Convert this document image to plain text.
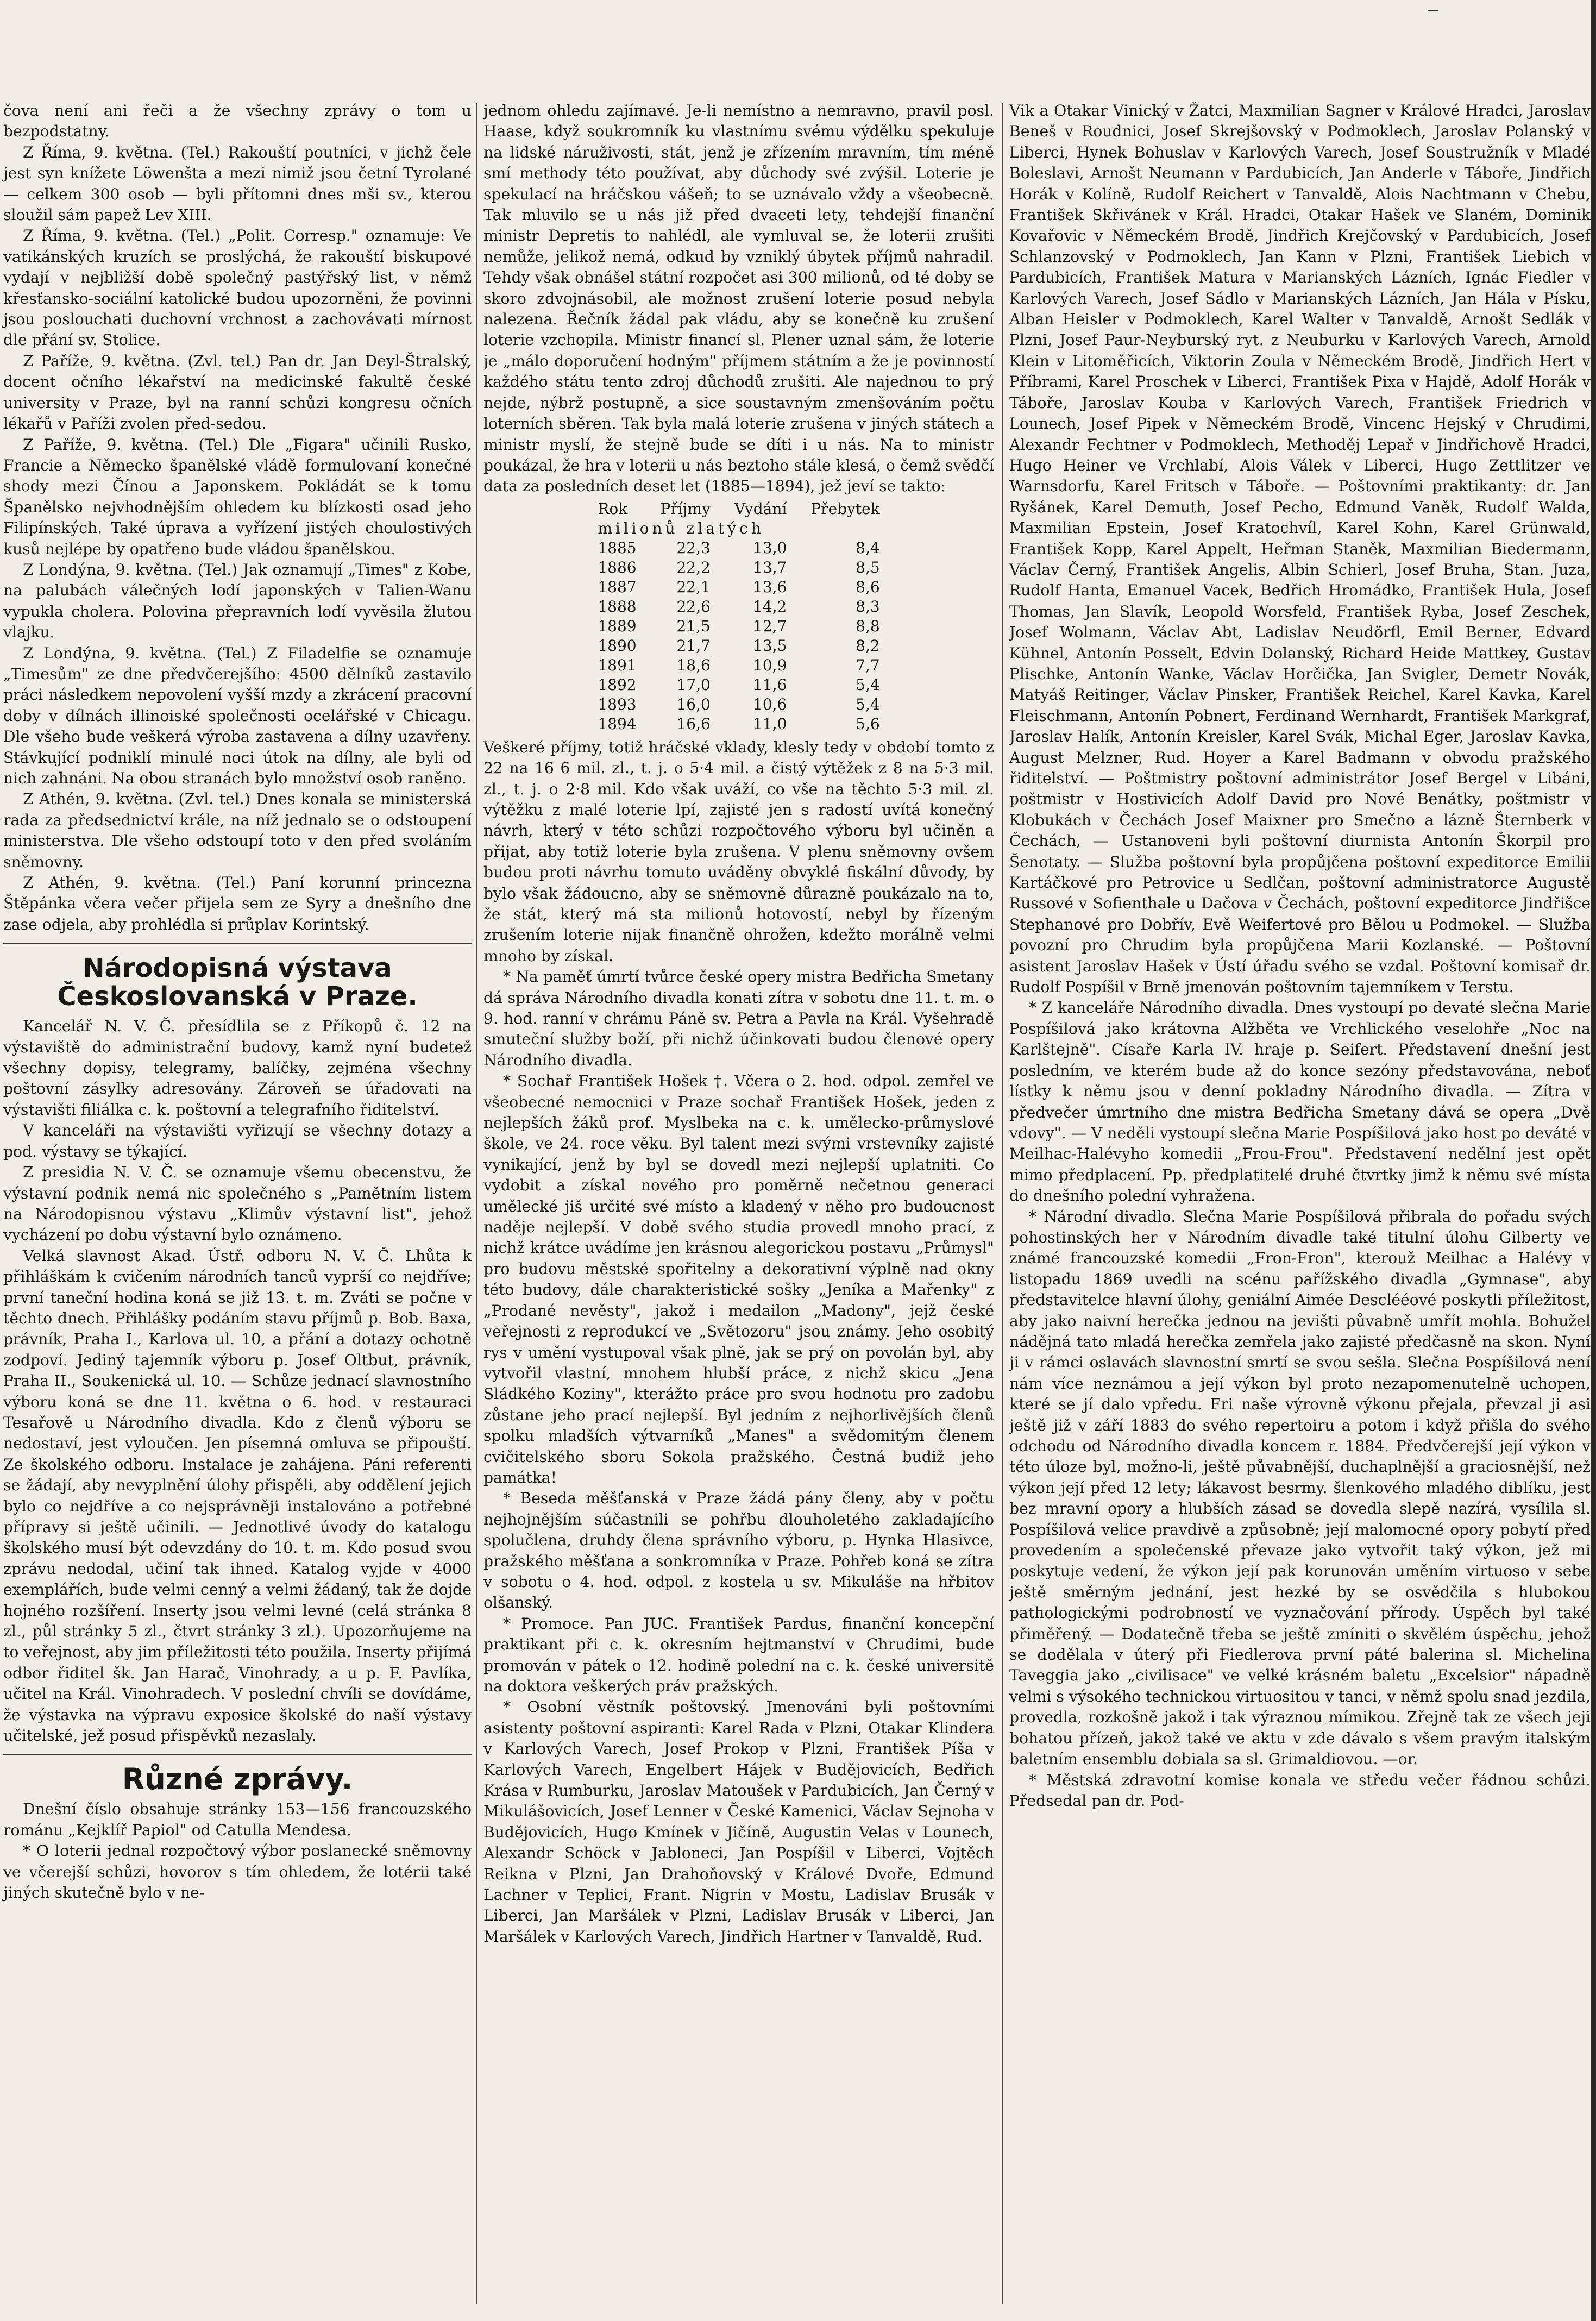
čova není ani řeči a že všechny zprávy o tom u bezpodstatny.

Z Říma, 9. května. (Tel.) Rakouští poutníci, v jichž čele jest syn knížete Löwenšta a mezi nimiž jsou četní Tyrolané — celkem 300 osob — byli přítomni dnes mši sv., kterou sloužil sám papež Lev XIII.

Z Říma, 9. května. (Tel.) „Polit. Corresp." oznamuje: Ve vatikánských kruzích se proslýchá, že rakouští biskupové vydají v nejbližší době společný pastýřský list, v němž křesťansko-sociální katolické budou upozorněni, že povinni jsou poslouchati duchovní vrchnost a zachovávati mírnost dle přání sv. Stolice.

Z Paříže, 9. května. (Zvl. tel.) Pan dr. Jan Deyl-Štralský, docent očního lékařství na medicinské fakultě české university v Praze, byl na ranní schůzi kongresu očních lékařů v Paříži zvolen před-sedou.

Z Paříže, 9. května. (Tel.) Dle „Figara" učinili Rusko, Francie a Německo španělské vládě formulovaní konečné shody mezi Čínou a Japonskem. Pokládát se k tomu Španělsko nejvhodnějším ohledem ku blízkosti osad jeho Filipínských. Také úprava a vyřízení jistých choulostivých kusů nejlépe by opatřeno bude vládou španělskou.

Z Londýna, 9. května. (Tel.) Jak oznamují „Times" z Kobe, na palubách válečných lodí japonských v Talien-Wanu vypukla cholera. Polovina přepravních lodí vyvěsila žlutou vlajku.

Z Londýna, 9. května. (Tel.) Z Filadelfie se oznamuje „Timesům" ze dne předvčerejšího: 4500 dělníků zastavilo práci následkem nepovolení vyšší mzdy a zkrácení pracovní doby v dílnách illinoiské společnosti ocelářské v Chicagu. Dle všeho bude veškerá výroba zastavena a dílny uzavřeny. Stávkující podniklí minulé noci útok na dílny, ale byli od nich zahnáni. Na obou stranách bylo množství osob raněno.

Z Athén, 9. května. (Zvl. tel.) Dnes konala se ministerská rada za předsednictví krále, na níž jednalo se o odstoupení ministerstva. Dle všeho odstoupí toto v den před svoláním sněmovny.

Z Athén, 9. května. (Tel.) Paní korunní princezna Štěpánka včera večer přijela sem ze Syry a dnešního dne zase odjela, aby prohlédla si průplav Korintský.

Národopisná výstava Českoslovanská v Praze.

Kancelář N. V. Č. přesídlila se z Příkopů č. 12 na výstaviště do administrační budovy, kamž nyní budetež všechny dopisy, telegramy, balíčky, zejména všechny poštovní zásylky adresovány. Zároveň se úřadovati na výstavišti filiálka c. k. poštovní a telegrafního řiditelství.

V kanceláři na výstavišti vyřizují se všechny dotazy a pod. výstavy se týkající.

Z presidia N. V. Č. se oznamuje všemu obecenstvu, že výstavní podnik nemá nic společného s „Pamětním listem na Národopisnou výstavu „Klimův výstavní list", jehož vycházení po dobu výstavní bylo oznámeno.

Velká slavnost Akad. Ústř. odboru N. V. Č. Lhůta k přihláškám k cvičením národních tanců vyprší co nejdříve; první taneční hodina koná se již 13. t. m. Zváti se počne v těchto dnech. Přihlášky podáním stavu příjmů p. Bob. Baxa, právník, Praha I., Karlova ul. 10, a přání a dotazy ochotně zodpoví. Jediný tajemník výboru p. Josef Oltbut, právník, Praha II., Soukenická ul. 10. — Schůze jednací slavnostního výboru koná se dne 11. května o 6. hod. v restauraci Tesařově u Národního divadla. Kdo z členů výboru se nedostaví, jest vyloučen. Jen písemná omluva se připouští. Ze školského odboru. Instalace je zahájena. Páni referenti se žádají, aby nevyplnění úlohy přispěli, aby oddělení jejich bylo co nejdříve a co nejsprávněji instalováno a potřebné přípravy si ještě učinili. — Jednotlivé úvody do katalogu školského musí být odevzdány do 10. t. m. Kdo posud svou zprávu nedodal, učiní tak ihned. Katalog vyjde v 4000 exemplářích, bude velmi cenný a velmi žádaný, tak že dojde hojného rozšíření. Inserty jsou velmi levné (celá stránka 8 zl., půl stránky 5 zl., čtvrt stránky 3 zl.). Upozorňujeme na to veřejnost, aby jim příležitosti této použila. Inserty přijímá odbor řiditel šk. Jan Harač, Vinohrady, a u p. F. Pavlíka, učitel na Král. Vinohradech. V poslední chvíli se dovídáme, že výstavka na výpravu exposice školské do naší výstavy učitelské, jež posud přispěvků nezaslaly.

Různé zprávy.

Dnešní číslo obsahuje stránky 153—156 francouzského románu „Kejklíř Papiol" od Catulla Mendesa.

* O loterii jednal rozpočtový výbor poslanecké sněmovny ve včerejší schůzi, hovorov s tím ohledem, že lotérii také jiných skutečně bylo v ne-

jednom ohledu zajímavé. Je-li nemístno a nemravno, pravil posl. Haase, když soukromník ku vlastnímu svému výdělku spekuluje na lidské náruživosti, stát, jenž je zřízením mravním, tím méně smí methody této používat, aby důchody své zvýšil. Loterie je spekulací na hráčskou vášeň; to se uznávalo vždy a všeobecně. Tak mluvilo se u nás již před dvaceti lety, tehdejší finanční ministr Depretis to nahlédl, ale vymluval se, že loterii zrušiti nemůže, jelikož nemá, odkud by vzniklý úbytek příjmů nahradil. Tehdy však obnášel státní rozpočet asi 300 milionů, od té doby se skoro zdvojnásobil, ale možnost zrušení loterie posud nebyla nalezena. Řečník žádal pak vládu, aby se konečně ku zrušení loterie vzchopila. Ministr financí sl. Plener uznal sám, že loterie je „málo doporučení hodným" příjmem státním a že je povinností každého státu tento zdroj důchodů zrušiti. Ale najednou to prý nejde, nýbrž postupně, a sice soustavným zmenšováním počtu loterních sběren. Tak byla malá loterie zrušena v jiných státech a ministr myslí, že stejně bude se díti i u nás. Na to ministr poukázal, že hra v loterii u nás beztoho stále klesá, o čemž svědčí data za posledních deset let (1885—1894), jež jeví se takto:

Rok	Příjmy	Vydání	Přebytek
milionů zlatých			
1885	22,3	13,0	8,4
1886	22,2	13,7	8,5
1887	22,1	13,6	8,6
1888	22,6	14,2	8,3
1889	21,5	12,7	8,8
1890	21,7	13,5	8,2
1891	18,6	10,9	7,7
1892	17,0	11,6	5,4
1893	16,0	10,6	5,4
1894	16,6	11,0	5,6

Veškeré příjmy, totiž hráčské vklady, klesly tedy v období tomto z 22 na 16 6 mil. zl., t. j. o 5·4 mil. a čistý výtěžek z 8 na 5·3 mil. zl., t. j. o 2·8 mil. Kdo však uváží, co vše na těchto 5·3 mil. zl. výtěžku z malé loterie lpí, zajisté jen s radostí uvítá konečný návrh, který v této schůzi rozpočtového výboru byl učiněn a přijat, aby totiž loterie byla zrušena. V plenu sněmovny ovšem budou proti návrhu tomuto uváděny obvyklé fiskální důvody, by bylo však žádoucno, aby se sněmovně důrazně poukázalo na to, že stát, který má sta milionů hotovostí, nebyl by řízeným zrušením loterie nijak finančně ohrožen, kdežto morálně velmi mnoho by získal.

* Na paměť úmrtí tvůrce české opery mistra Bedřicha Smetany dá správa Národního divadla konati zítra v sobotu dne 11. t. m. o 9. hod. ranní v chrámu Páně sv. Petra a Pavla na Král. Vyšehradě smuteční služby boží, při nichž účinkovati budou členové opery Národního divadla.

* Sochař František Hošek †. Včera o 2. hod. odpol. zemřel ve všeobecné nemocnici v Praze sochař František Hošek, jeden z nejlepších žáků prof. Myslbeka na c. k. umělecko-průmyslové škole, ve 24. roce věku. Byl talent mezi svými vrstevníky zajisté vynikající, jenž by byl se dovedl mezi nejlepší uplatniti. Co vydobit a získal nového pro poměrně nečetnou generaci umělecké jiš určité své místo a kladený v něho pro budoucnost naděje nejlepší. V době svého studia provedl mnoho prací, z nichž krátce uvádíme jen krásnou alegorickou postavu „Průmysl" pro budovu městské spořitelny a dekorativní výplně nad okny této budovy, dále charakteristické sošky „Jeníka a Mařenky" z „Prodané nevěsty", jakož i medailon „Madony", jejž české veřejnosti z reprodukcí ve „Světozoru" jsou známy. Jeho osobitý rys v umění vystupoval však plně, jak se prý on povolán byl, aby vytvořil vlastní, mnohem hlubší práce, z nichž skicu „Jena Sládkého Koziny", kterážto práce pro svou hodnotu pro zadobu zůstane jeho prací nejlepší. Byl jedním z nejhorlivějších členů spolku mladších výtvarníků „Manes" a svědomitým členem cvičitelského sboru Sokola pražského. Čestná budiž jeho památka!

* Beseda měšťanská v Praze žádá pány členy, aby v počtu nejhojnějším súčastnili se pohřbu dlouholetého zakladajícího spolučlena, druhdy člena správního výboru, p. Hynka Hlasivce, pražského měšťana a sonkromníka v Praze. Pohřeb koná se zítra v sobotu o 4. hod. odpol. z kostela u sv. Mikuláše na hřbitov olšanský.

* Promoce. Pan JUC. František Pardus, finanční koncepční praktikant při c. k. okresním hejtmanství v Chrudimi, bude promován v pátek o 12. hodině polední na c. k. české universitě na doktora veškerých práv pražských.

* Osobní věstník poštovský. Jmenováni byli poštovními asistenty poštovní aspiranti: Karel Rada v Plzni, Otakar Klindera v Karlových Varech, Josef Prokop v Plzni, František Píša v Karlových Varech, Engelbert Hájek v Budějovicích, Bedřich Krása v Rumburku, Jaroslav Matoušek v Pardubicích, Jan Černý v Mikulášovicích, Josef Lenner v České Kamenici, Václav Sejnoha v Budějovicích, Hugo Kmínek v Jičíně, Augustin Velas v Lounech, Alexandr Schöck v Jabloneci, Jan Pospíšil v Liberci, Vojtěch Reikna v Plzni, Jan Drahoňovský v Králové Dvoře, Edmund Lachner v Teplici, Frant. Nigrin v Mostu, Ladislav Brusák v Liberci, Jan Maršálek v Plzni, Ladislav Brusák v Liberci, Jan Maršálek v Karlových Varech, Jindřich Hartner v Tanvaldě, Rud.

Vik a Otakar Vinický v Žatci, Maxmilian Sagner v Králové Hradci, Jaroslav Beneš v Roudnici, Josef Skrejšovský v Podmoklech, Jaroslav Polanský v Liberci, Hynek Bohuslav v Karlových Varech, Josef Soustružník v Mladé Boleslavi, Arnošt Neumann v Pardubicích, Jan Anderle v Táboře, Jindřich Horák v Kolíně, Rudolf Reichert v Tanvaldě, Alois Nachtmann v Chebu, František Skřivánek v Král. Hradci, Otakar Hašek ve Slaném, Dominik Kovařovic v Německém Brodě, Jindřich Krejčovský v Pardubicích, Josef Schlanzovský v Podmoklech, Jan Kann v Plzni, František Liebich v Pardubicích, František Matura v Marianských Lázních, Ignác Fiedler v Karlových Varech, Josef Sádlo v Marianských Lázních, Jan Hála v Písku, Alban Heisler v Podmoklech, Karel Walter v Tanvaldě, Arnošt Sedlák v Plzni, Josef Paur-Neyburský ryt. z Neuburku v Karlových Varech, Arnold Klein v Litoměřicích, Viktorin Zoula v Německém Brodě, Jindřich Hert v Příbrami, Karel Proschek v Liberci, František Pixa v Hajdě, Adolf Horák v Táboře, Jaroslav Kouba v Karlových Varech, František Friedrich v Lounech, Josef Pipek v Německém Brodě, Vincenc Hejský v Chrudimi, Alexandr Fechtner v Podmoklech, Methoděj Lepař v Jindřichově Hradci, Hugo Heiner ve Vrchlabí, Alois Válek v Liberci, Hugo Zettlitzer ve Warnsdorfu, Karel Fritsch v Táboře. — Poštovními praktikanty: dr. Jan Ryšánek, Karel Demuth, Josef Pecho, Edmund Vaněk, Rudolf Walda, Maxmilian Epstein, Josef Kratochvíl, Karel Kohn, Karel Grünwald, František Kopp, Karel Appelt, Heřman Staněk, Maxmilian Biedermann, Václav Černý, František Angelis, Albin Schierl, Josef Bruha, Stan. Juza, Rudolf Hanta, Emanuel Vacek, Bedřich Hromádko, František Hula, Josef Thomas, Jan Slavík, Leopold Worsfeld, František Ryba, Josef Zeschek, Josef Wolmann, Václav Abt, Ladislav Neudörfl, Emil Berner, Edvard Kühnel, Antonín Posselt, Edvin Dolanský, Richard Heide Mattkey, Gustav Plischke, Antonín Wanke, Václav Horčička, Jan Svigler, Demetr Novák, Matyáš Reitinger, Václav Pinsker, František Reichel, Karel Kavka, Karel Fleischmann, Antonín Pobnert, Ferdinand Wernhardt, František Markgraf, Jaroslav Halík, Antonín Kreisler, Karel Svák, Michal Eger, Jaroslav Kavka, August Melzner, Rud. Hoyer a Karel Badmann v obvodu pražského řiditelství. — Poštmistry poštovní administrátor Josef Bergel v Libáni, poštmistr v Hostivicích Adolf David pro Nové Benátky, poštmistr v Klobukách v Čechách Josef Maixner pro Smečno a lázně Šternberk v Čechách, — Ustanoveni byli poštovní diurnista Antonín Škorpil pro Šenotaty. — Služba poštovní byla propůjčena poštovní expeditorce Emilii Kartáčkové pro Petrovice u Sedlčan, poštovní administratorce Augustě Russové v Sofienthale u Dačova v Čechách, poštovní expeditorce Jindřišce Stephanové pro Dobřív, Evě Weifertové pro Bělou u Podmokel. — Služba povozní pro Chrudim byla propůjčena Marii Kozlanské. — Poštovní asistent Jaroslav Hašek v Ústí úřadu svého se vzdal. Poštovní komisař dr. Rudolf Pospíšil v Brně jmenován poštovním tajemníkem v Terstu.

* Z kanceláře Národního divadla. Dnes vystoupí po devaté slečna Marie Pospíšilová jako krátovna Alžběta ve Vrchlického veselohře „Noc na Karlštejně". Císaře Karla IV. hraje p. Seifert. Představení dnešní jest posledním, ve kterém bude až do konce sezóny představována, neboť lístky k němu jsou v denní pokladny Národního divadla. — Zítra v předvečer úmrtního dne mistra Bedřicha Smetany dává se opera „Dvě vdovy". — V neděli vystoupí slečna Marie Pospíšilová jako host po deváté v Meilhac-Halévyho komedii „Frou-Frou". Představení nedělní jest opět mimo předplacení. Pp. předplatitelé druhé čtvrtky jimž k němu své místa do dnešního polední vyhražena.

* Národní divadlo. Slečna Marie Pospíšilová přibrala do pořadu svých pohostinských her v Národním divadle také titulní úlohu Gilberty ve známé francouzské komedii „Fron-Fron", kterouž Meilhac a Halévy v listopadu 1869 uvedli na scénu pařížského divadla „Gymnase", aby představitelce hlavní úlohy, geniální Aimée Desclééové poskytli příležitost, aby jako naivní herečka jednou na jevišti půvabně umřít mohla. Bohužel nádějná tato mladá herečka zemřela jako zajisté předčasně na skon. Nyní ji v rámci oslavách slavnostní smrtí se svou sešla. Slečna Pospíšilová není nám více neznámou a její výkon byl proto nezapomenutelně uchopen, které se jí dalo vpředu. Fri naše výrovně výkonu přejala, převzal ji asi ještě již v září 1883 do svého repertoiru a potom i když přišla do svého odchodu od Národního divadla koncem r. 1884. Předvčerejší její výkon v této úloze byl, možno-li, ještě půvabnější, duchaplnější a graciosnější, než výkon její před 12 lety; lákavost besrmy. šlenkového mladého diblíku, jest bez mravní opory a hlubších zásad se dovedla slepě nazírá, vysílila sl. Pospíšilová velice pravdivě a způsobně; její malomocné opory pobytí před provedením a společenské převaze jako vytvořit taký výkon, jež mi poskytuje vedení, že výkon její pak korunován uměním virtuoso v sebe ještě směrným jednání, jest hezké by se osvědčila s hlubokou pathologickými podrobností ve vyznačování přírody. Úspěch byl také přiměřený. — Dodatečně třeba se ještě zmíniti o skvělém úspěchu, jehož se dodělala v úterý při Fiedlerova první páté balerina sl. Michelina Taveggia jako „civilisace" ve velké krásném baletu „Excelsior" nápadně velmi s výsokého technickou virtuositou v tanci, v němž spolu snad jezdila, provedla, rozkošně jakož i tak výraznou mímikou. Zřejně tak ze všech jeji bohatou přízeň, jakož také ve aktu v zde dávalo s všem pravým italským baletním ensemblu dobiala sa sl. Grimaldiovou. —or.

* Městská zdravotní komise konala ve středu večer řádnou schůzi. Předsedal pan dr. Pod-
